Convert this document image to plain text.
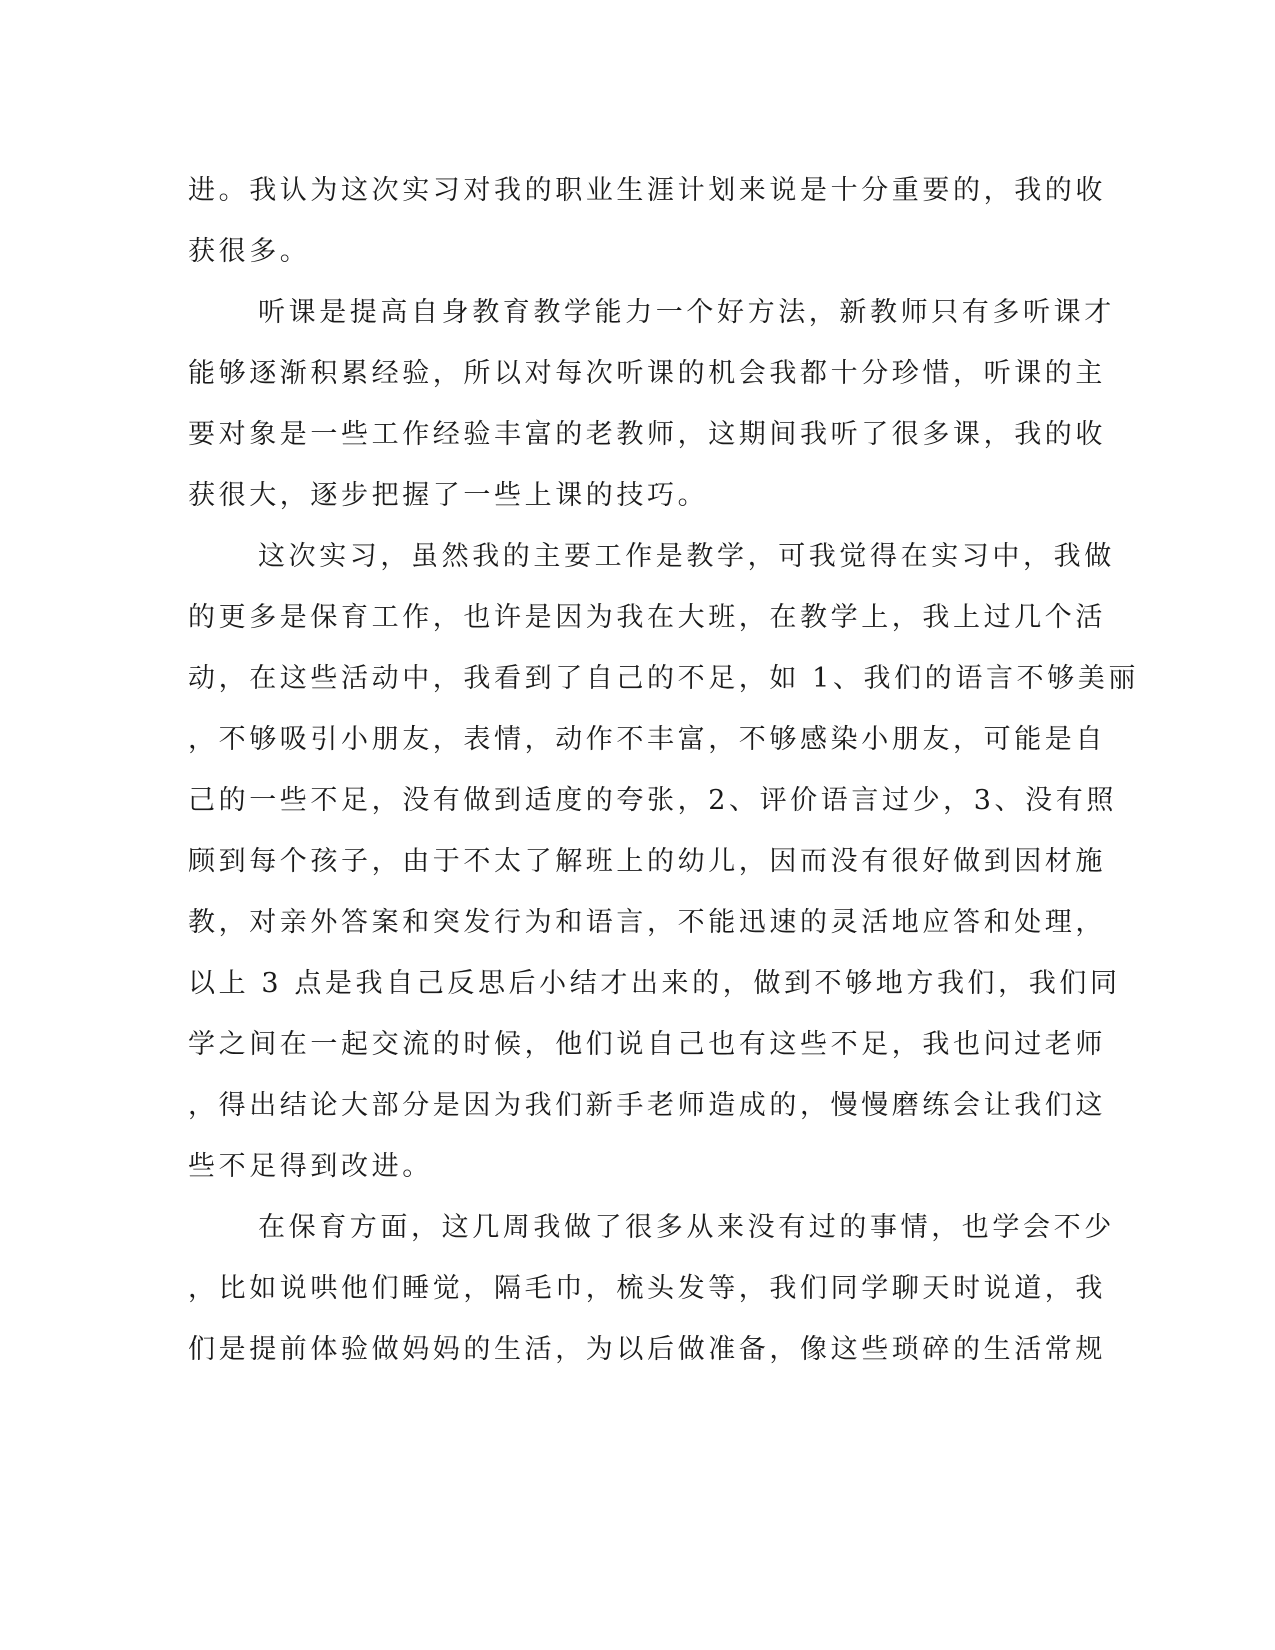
进。我认为这次实习对我的职业生涯计划来说是十分重要的，我的收
获很多。
听课是提高自身教育教学能力一个好方法，新教师只有多听课才
能够逐渐积累经验，所以对每次听课的机会我都十分珍惜，听课的主
要对象是一些工作经验丰富的老教师，这期间我听了很多课，我的收
获很大，逐步把握了一些上课的技巧。
这次实习，虽然我的主要工作是教学，可我觉得在实习中，我做
的更多是保育工作，也许是因为我在大班，在教学上，我上过几个活
动，在这些活动中，我看到了自己的不足，如 1、我们的语言不够美丽
，不够吸引小朋友，表情，动作不丰富，不够感染小朋友，可能是自
己的一些不足，没有做到适度的夸张，2、评价语言过少，3、没有照
顾到每个孩子，由于不太了解班上的幼儿，因而没有很好做到因材施
教，对亲外答案和突发行为和语言，不能迅速的灵活地应答和处理，
以上 3 点是我自己反思后小结才出来的，做到不够地方我们，我们同
学之间在一起交流的时候，他们说自己也有这些不足，我也问过老师
，得出结论大部分是因为我们新手老师造成的，慢慢磨练会让我们这
些不足得到改进。
在保育方面，这几周我做了很多从来没有过的事情，也学会不少
，比如说哄他们睡觉，隔毛巾，梳头发等，我们同学聊天时说道，我
们是提前体验做妈妈的生活，为以后做准备，像这些琐碎的生活常规
